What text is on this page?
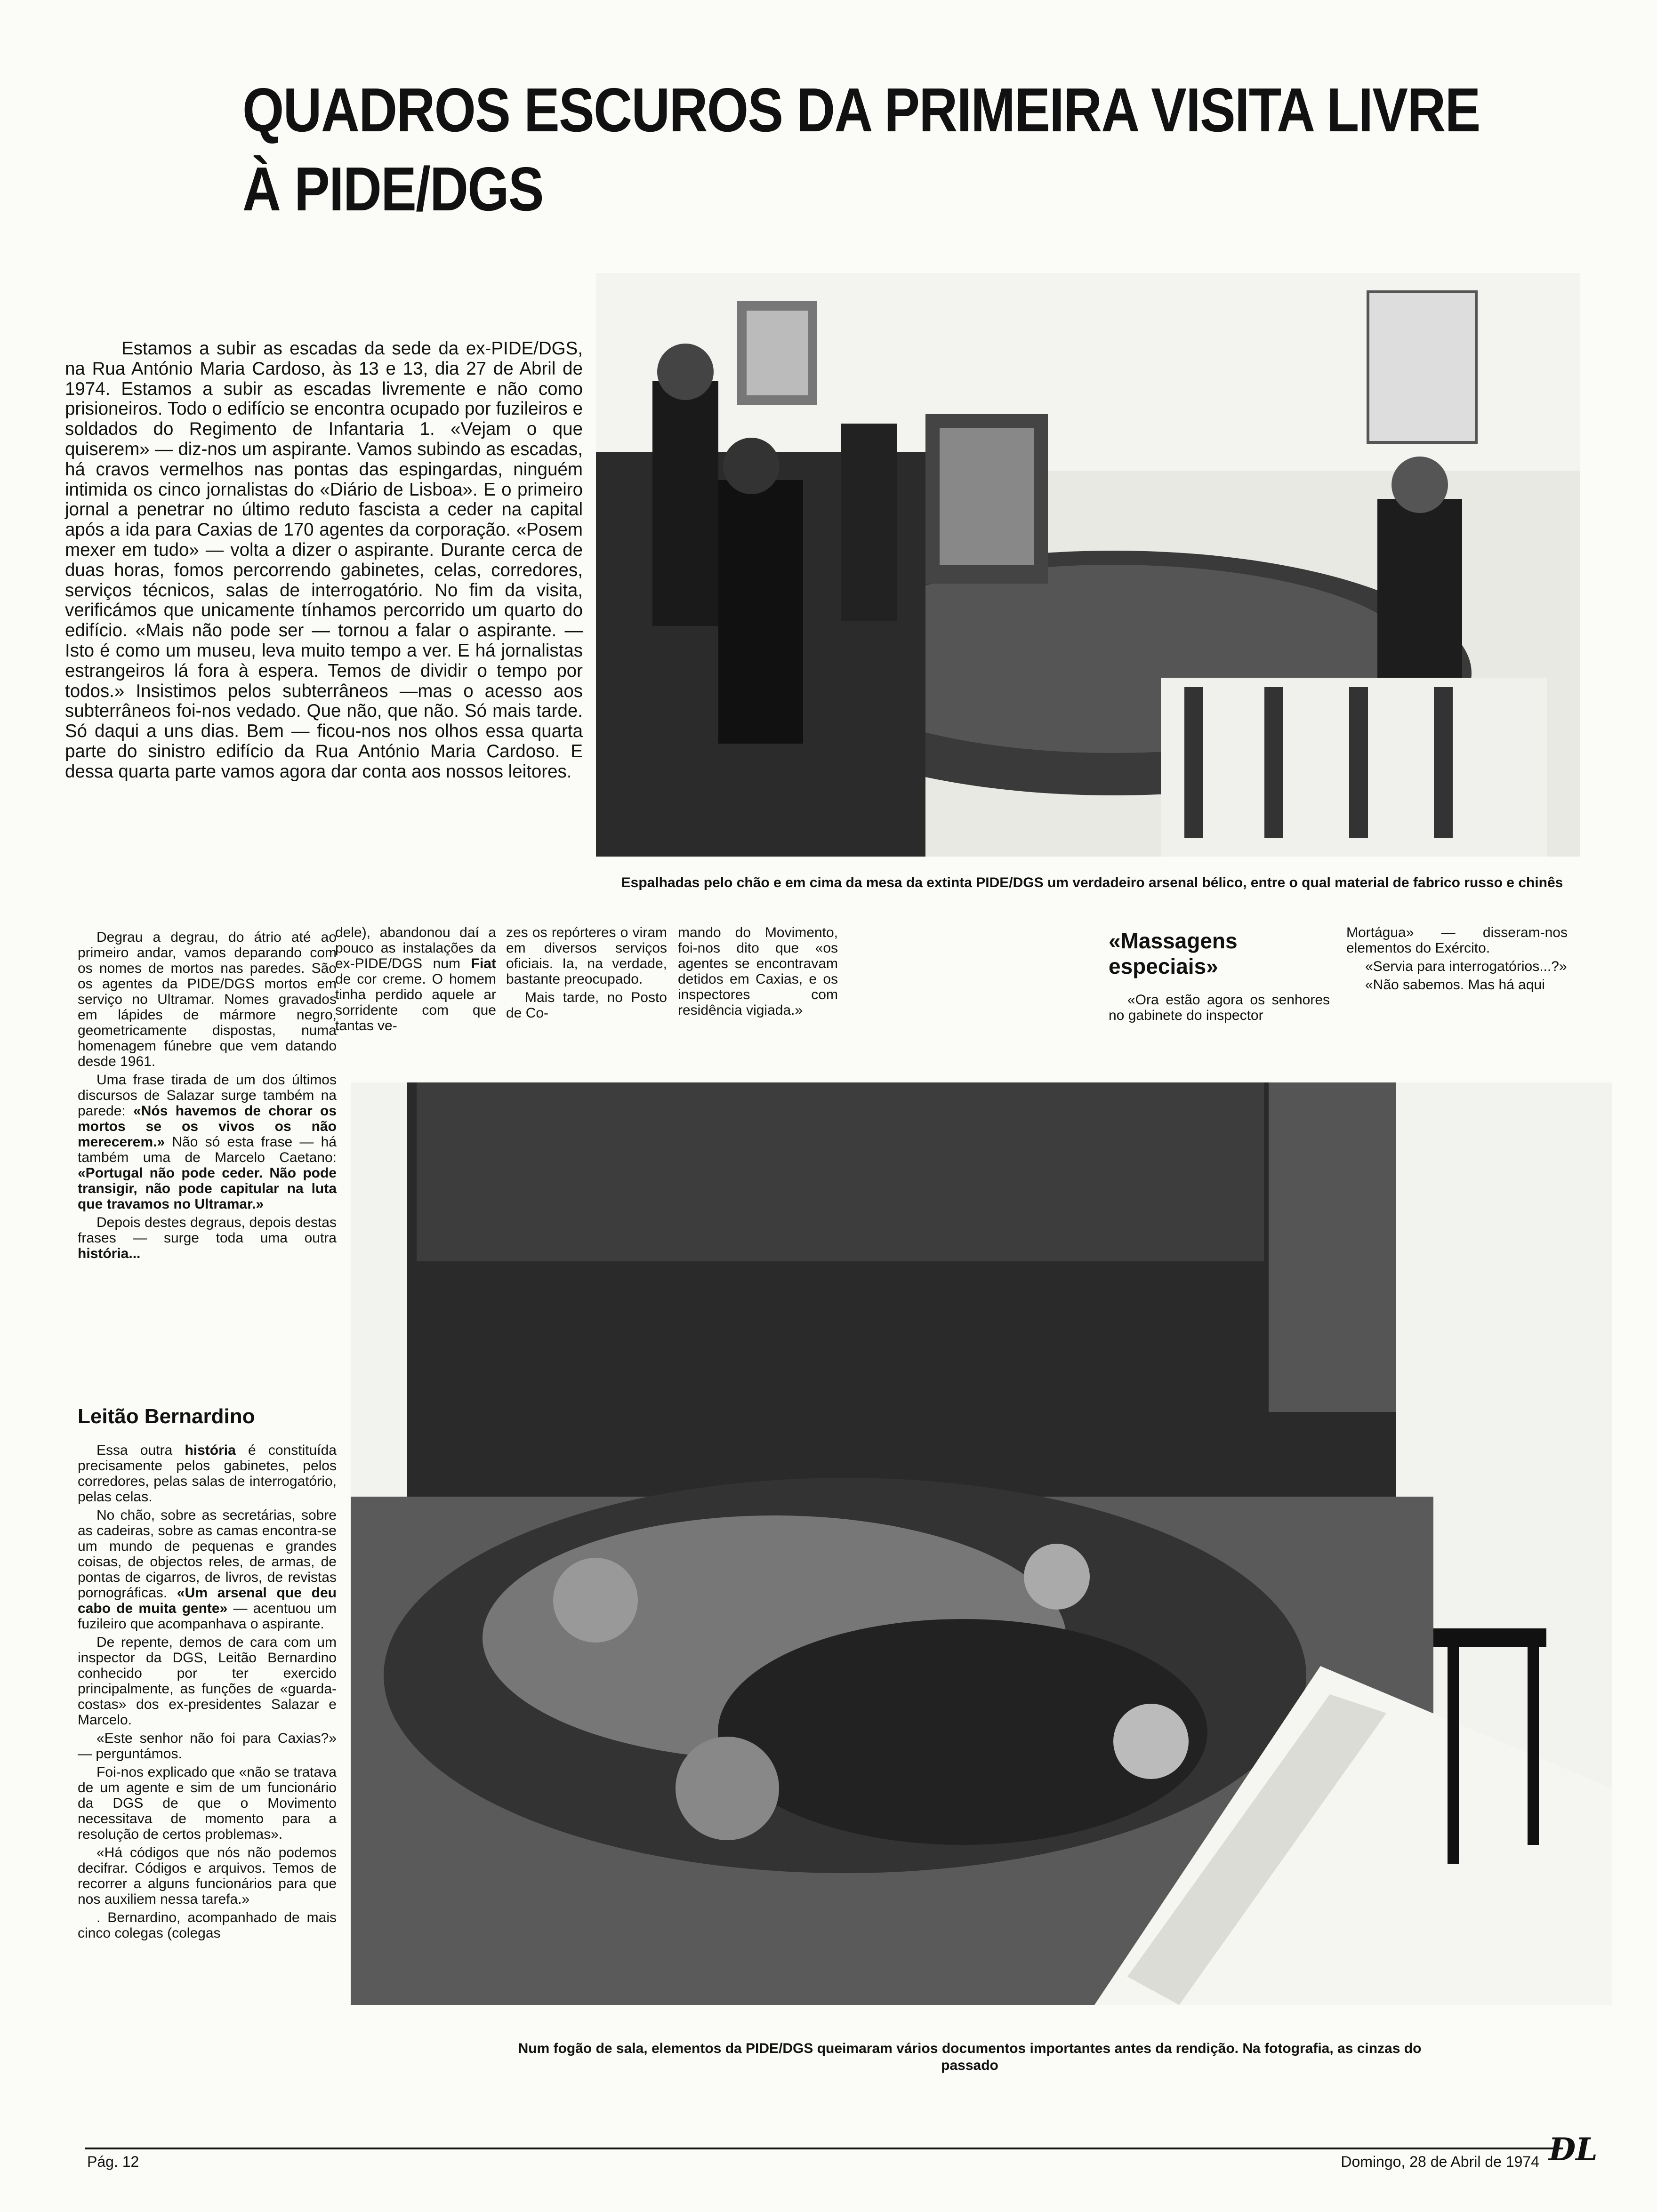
QUADROS ESCUROS DA PRIMEIRA VISITA LIVRE
À PIDE/DGS

Estamos a subir as escadas da sede da ex-PIDE/DGS, na Rua António Maria Cardoso, às 13 e 13, dia 27 de Abril de 1974. Estamos a subir as escadas livremente e não como prisioneiros. Todo o edifício se encontra ocupado por fuzileiros e soldados do Regimento de Infantaria 1. «Vejam o que quiserem» — diz-nos um aspirante. Vamos subindo as escadas, há cravos vermelhos nas pontas das espingardas, ninguém intimida os cinco jornalistas do «Diário de Lisboa». E o primeiro jornal a penetrar no último reduto fascista a ceder na capital após a ida para Caxias de 170 agentes da corporação. «Posem mexer em tudo» — volta a dizer o aspirante. Durante cerca de duas horas, fomos percorrendo gabinetes, celas, corredores, serviços técnicos, salas de interrogatório. No fim da visita, verificámos que unicamente tínhamos percorrido um quarto do edifício. «Mais não pode ser — tornou a falar o aspirante. — Isto é como um museu, leva muito tempo a ver. E há jornalistas estrangeiros lá fora à espera. Temos de dividir o tempo por todos.» Insistimos pelos subterrâneos —mas o acesso aos subterrâneos foi-nos vedado. Que não, que não. Só mais tarde. Só daqui a uns dias. Bem — ficou-nos nos olhos essa quarta parte do sinistro edifício da Rua António Maria Cardoso. E dessa quarta parte vamos agora dar conta aos nossos leitores.

Espalhadas pelo chão e em cima da mesa da extinta PIDE/DGS um verdadeiro arsenal bélico, entre o qual material de fabrico russo e chinês

Degrau a degrau, do átrio até ao primeiro andar, vamos deparando com os nomes de mortos nas paredes. São os agentes da PIDE/DGS mortos em serviço no Ultramar. Nomes gravados em lápides de mármore negro, geometricamente dispostas, numa homenagem fúnebre que vem datando desde 1961.

Uma frase tirada de um dos últimos discursos de Salazar surge também na parede: «Nós havemos de chorar os mortos se os vivos os não merecerem.» Não só esta frase — há também uma de Marcelo Caetano: «Portugal não pode ceder. Não pode transigir, não pode capitular na luta que travamos no Ultramar.»

Depois destes degraus, depois destas frases — surge toda uma outra história...

Leitão Bernardino

Essa outra história é constituída precisamente pelos gabinetes, pelos corredores, pelas salas de interrogatório, pelas celas.

No chão, sobre as secretárias, sobre as cadeiras, sobre as camas encontra-se um mundo de pequenas e grandes coisas, de objectos reles, de armas, de pontas de cigarros, de livros, de revistas pornográficas. «Um arsenal que deu cabo de muita gente» — acentuou um fuzileiro que acompanhava o aspirante.

De repente, demos de cara com um inspector da DGS, Leitão Bernardino conhecido por ter exercido principalmente, as funções de «guarda-costas» dos ex-presidentes Salazar e Marcelo.

«Este senhor não foi para Caxias?» — perguntámos.

Foi-nos explicado que «não se tratava de um agente e sim de um funcionário da DGS de que o Movimento necessitava de momento para a resolução de certos problemas».

«Há códigos que nós não podemos decifrar. Códigos e arquivos. Temos de recorrer a alguns funcionários para que nos auxiliem nessa tarefa.»

. Bernardino, acompanhado de mais cinco colegas (colegas

dele), abandonou daí a pouco as instalações da ex-PIDE/DGS num Fiat de cor creme. O homem tinha perdido aquele ar sorridente com que tantas ve-

zes os repórteres o viram em diversos serviços oficiais. Ia, na verdade, bastante preocupado.

Mais tarde, no Posto de Co-

mando do Movimento, foi-nos dito que «os agentes se encontravam detidos em Caxias, e os inspectores com residência vigiada.»

«Massagens especiais»

«Ora estão agora os senhores no gabinete do inspector

Mortágua» — disseram-nos elementos do Exército.

«Servia para interrogatórios...?»

«Não sabemos. Mas há aqui

Num fogão de sala, elementos da PIDE/DGS queimaram vários documentos importantes antes da rendição. Na fotografia, as cinzas do passado
Pág. 12	Domingo, 28 de Abril de 1974 DL
